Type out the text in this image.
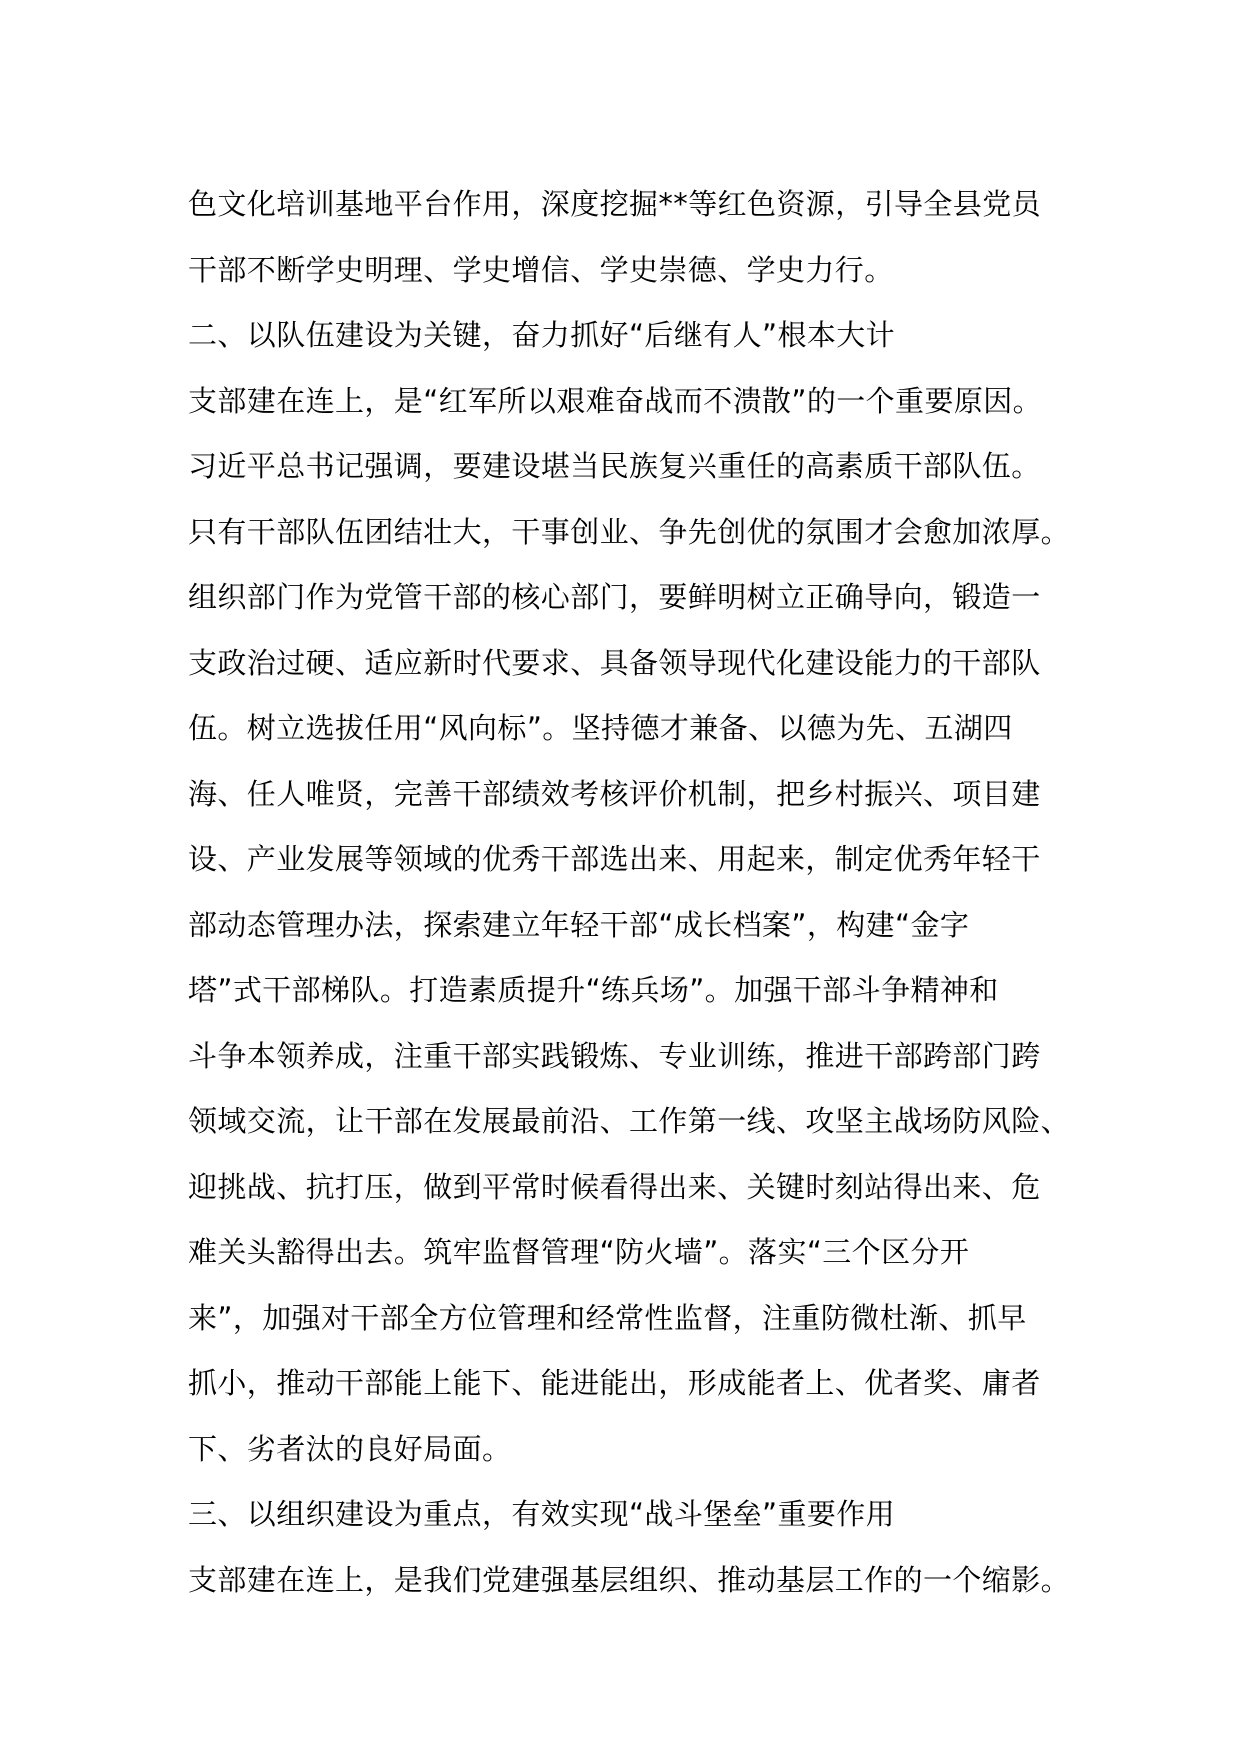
色文化培训基地平台作用，深度挖掘**等红色资源，引导全县党员
干部不断学史明理、学史增信、学史崇德、学史力行。
二、以队伍建设为关键，奋力抓好“后继有人”根本大计
支部建在连上，是“红军所以艰难奋战而不溃散”的一个重要原因。
习近平总书记强调，要建设堪当民族复兴重任的高素质干部队伍。
只有干部队伍团结壮大，干事创业、争先创优的氛围才会愈加浓厚。
组织部门作为党管干部的核心部门，要鲜明树立正确导向，锻造一
支政治过硬、适应新时代要求、具备领导现代化建设能力的干部队
伍。树立选拔任用“风向标”。坚持德才兼备、以德为先、五湖四
海、任人唯贤，完善干部绩效考核评价机制，把乡村振兴、项目建
设、产业发展等领域的优秀干部选出来、用起来，制定优秀年轻干
部动态管理办法，探索建立年轻干部“成长档案”，构建“金字
塔”式干部梯队。打造素质提升“练兵场”。加强干部斗争精神和
斗争本领养成，注重干部实践锻炼、专业训练，推进干部跨部门跨
领域交流，让干部在发展最前沿、工作第一线、攻坚主战场防风险、
迎挑战、抗打压，做到平常时候看得出来、关键时刻站得出来、危
难关头豁得出去。筑牢监督管理“防火墙”。落实“三个区分开
来”，加强对干部全方位管理和经常性监督，注重防微杜渐、抓早
抓小，推动干部能上能下、能进能出，形成能者上、优者奖、庸者
下、劣者汰的良好局面。
三、以组织建设为重点，有效实现“战斗堡垒”重要作用
支部建在连上，是我们党建强基层组织、推动基层工作的一个缩影。
